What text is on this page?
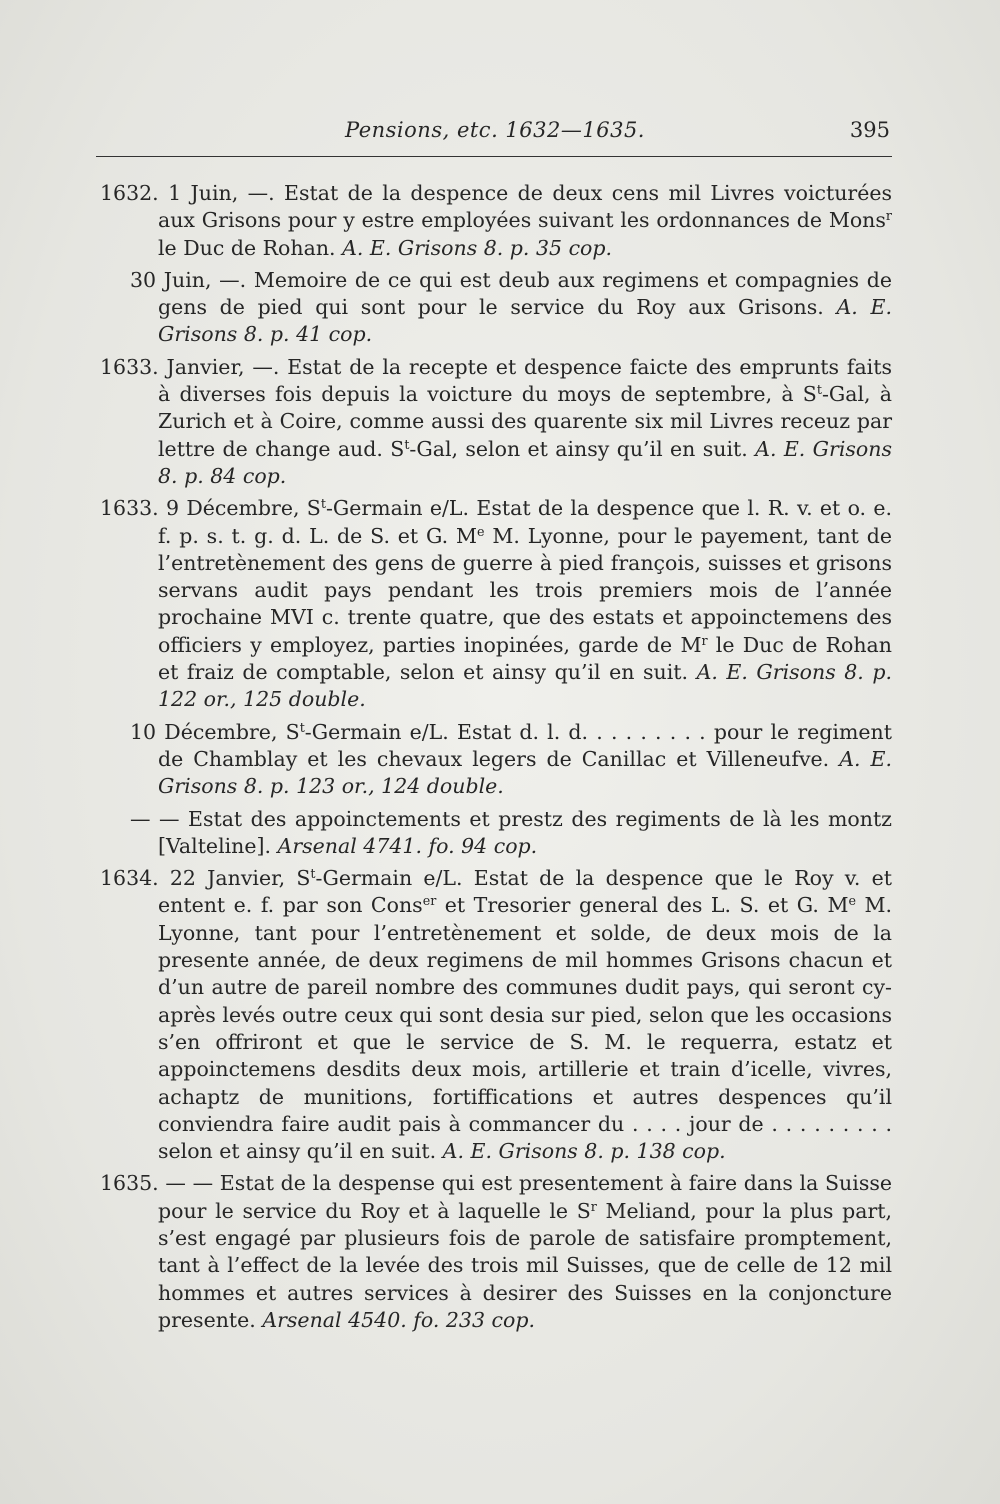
Pensions, etc. 1632—1635.	395

1632. 1 Juin, —. Estat de la despence de deux cens mil Livres voicturées aux Grisons pour y estre employées suivant les ordonnances de Mons$^r$ le Duc de Rohan. A. E. Grisons 8. p. 35 cop.

30 Juin, —. Memoire de ce qui est deub aux regimens et compagnies de gens de pied qui sont pour le service du Roy aux Grisons. A. E. Grisons 8. p. 41 cop.

1633. Janvier, —. Estat de la recepte et despence faicte des emprunts faits à diverses fois depuis la voicture du moys de septembre, à $S^t$-Gal, à Zurich et à Coire, comme aussi des quarente six mil Livres receuz par lettre de change aud. $S^t$-Gal, selon et ainsy qu’il en suit. A. E. Grisons 8. p. 84 cop.

1633. 9 Décembre, $S^t$-Germain e/L. Estat de la despence que l. R. v. et o. e. f. p. s. t. g. d. L. de S. et G. Me M. Lyonne, pour le payement, tant de l’entretènement des gens de guerre à pied françois, suisses et grisons servans audit pays pendant les trois premiers mois de l’année prochaine MVI c. trente quatre, que des estats et appoinctemens des officiers y employez, parties inopinées, garde de $M^r$ le Duc de Rohan et fraiz de comptable, selon et ainsy qu’il en suit. A. E. Grisons 8. p. 122 or., 125 double.

10 Décembre, $S^t$-Germain e/L. Estat d. l. d. . . . . . . . . pour le regiment de Chamblay et les chevaux legers de Canillac et Villeneufve. A. E. Grisons 8. p. 123 or., 124 double.

— — Estat des appoinctements et prestz des regiments de là les montz [Valteline]. Arsenal 4741. fo. 94 cop.

1634. 22 Janvier, $S^t$-Germain e/L. Estat de la despence que le Roy v. et entent e. f. par son Cons$^{er}$ et Tresorier general des L. S. et G. Me M. Lyonne, tant pour l’entretènement et solde, de deux mois de la presente année, de deux regimens de mil hommes Grisons chacun et d’un autre de pareil nombre des communes dudit pays, qui seront cy-après levés outre ceux qui sont desia sur pied, selon que les occasions s’en offriront et que le service de S. M. le requerra, estatz et appoinctemens desdits deux mois, artillerie et train d’icelle, vivres, achaptz de munitions, fortiffications et autres despences qu’il conviendra faire audit pais à commancer du . . . . jour de . . . . . . . . . selon et ainsy qu’il en suit. A. E. Grisons 8. p. 138 cop.

1635. — — Estat de la despense qui est presentement à faire dans la Suisse pour le service du Roy et à laquelle le $S^r$ Meliand, pour la plus part, s’est engagé par plusieurs fois de parole de satisfaire promptement, tant à l’effect de la levée des trois mil Suisses, que de celle de 12 mil hommes et autres services à desirer des Suisses en la conjoncture presente. Arsenal 4540. fo. 233 cop.
